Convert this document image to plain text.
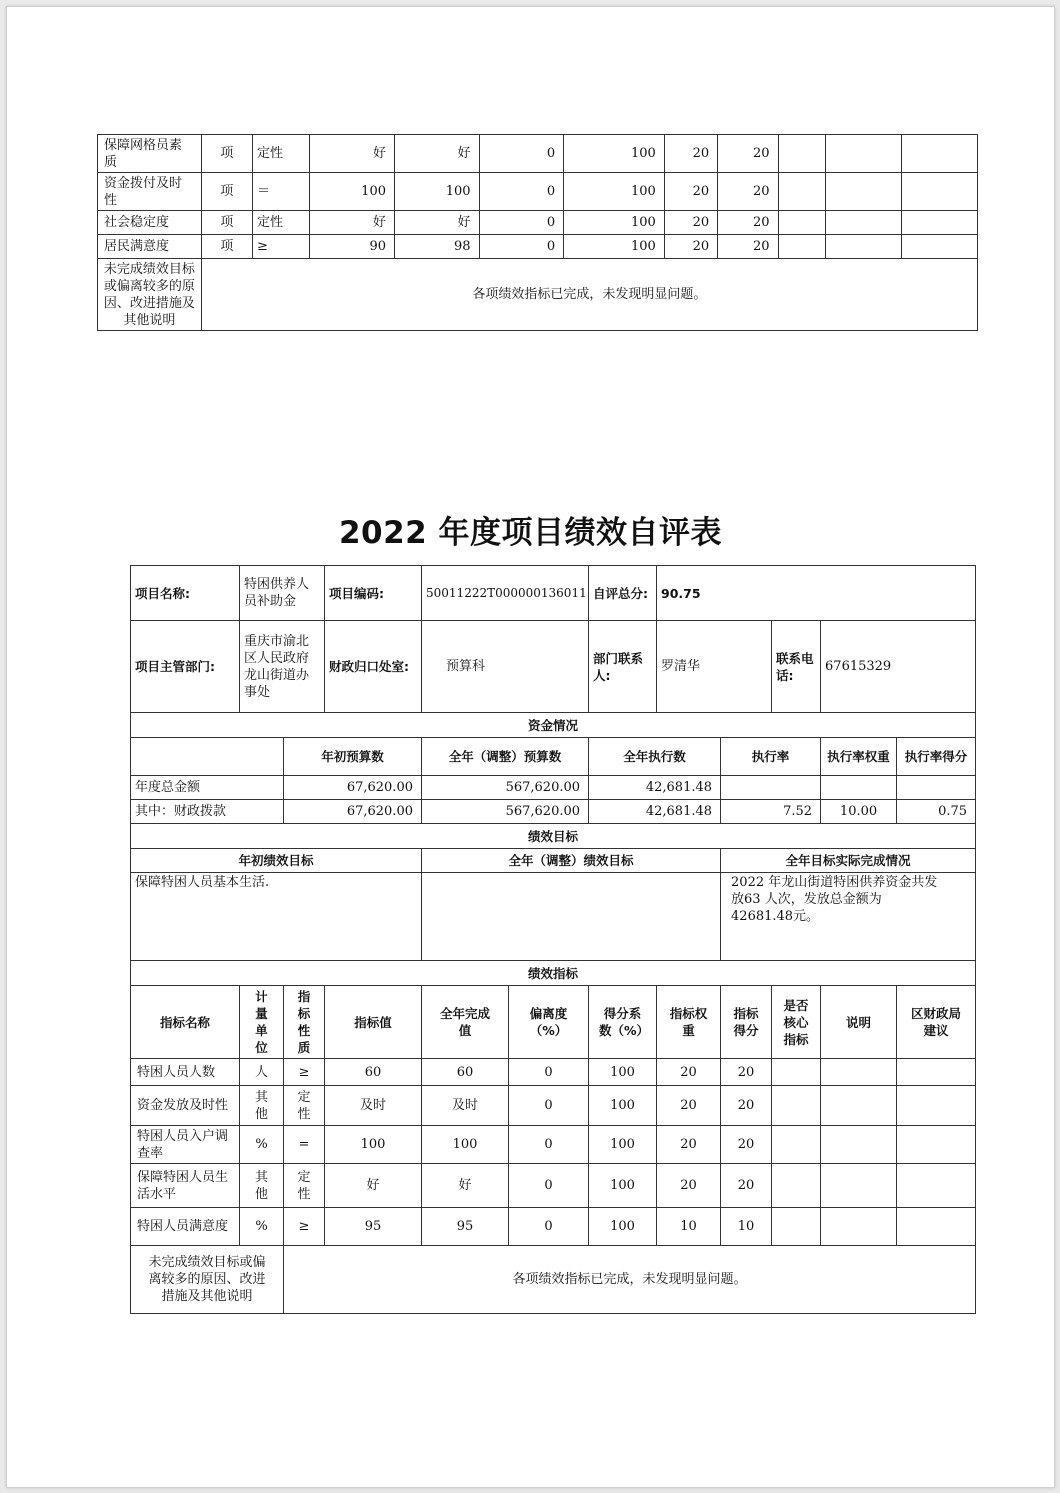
保障网格员素质	项	定性	好	好	0	100	20	20			
资金拨付及时性	项	＝	100	100	0	100	20	20			
社会稳定度	项	定性	好	好	0	100	20	20			
居民满意度	项	≥	90	98	0	100	20	20			
未完成绩效目标或偏离较多的原因、改进措施及其他说明	各项绩效指标已完成，未发现明显问题。										
2022 年度项目绩效自评表
项目名称:	特困供养人员补助金		项目编码:	50011222T000000136011		自评总分:	90.75				
项目主管部门:	重庆市渝北区人民政府龙山街道办事处		财政归口处室:	预算科		部门联系人:	罗清华		联系电话:	67615329	
资金情况											
		年初预算数		全年（调整）预算数		全年执行数		执行率		执行率权重	执行率得分
年度总金额		67,620.00		567,620.00		42,681.48					
其中：财政拨款		67,620.00		567,620.00		42,681.48		7.52		10.00	0.75
绩效目标											
年初绩效目标				全年（调整）绩效目标				全年目标实际完成情况			
保障特困人员基本生活.								2022 年龙山街道特困供养资金共发放63 人次，发放总金额为 42681.48元。			
绩效指标											
指标名称	计量单位	指标性质	指标值	全年完成值	偏离度（%）	得分系数（%）	指标权重	指标得分	是否核心指标	说明	区财政局建议
特困人员人数	人	≥	60	60	0	100	20	20			
资金发放及时性	其他	定性	及时	及时	0	100	20	20			
特困人员入户调查率	%	=	100	100	0	100	20	20			
保障特困人员生活水平	其他	定性	好	好	0	100	20	20			
特困人员满意度	%	≥	95	95	0	100	10	10			
未完成绩效目标或偏离较多的原因、改进措施及其他说明		各项绩效指标已完成，未发现明显问题。									
